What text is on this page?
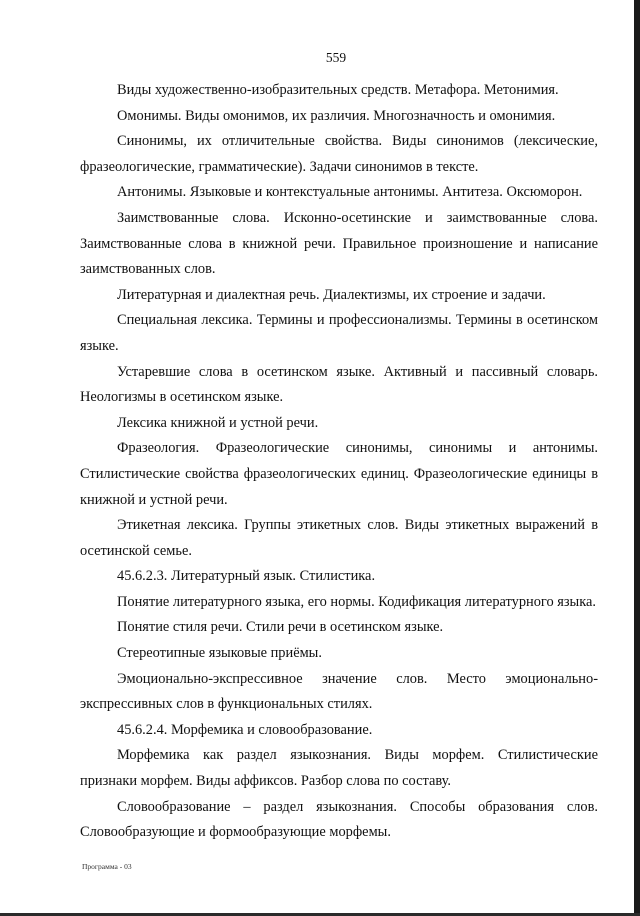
559

Виды художественно-изобразительных средств. Метафора. Метонимия.

Омонимы. Виды омонимов, их различия. Многозначность и омонимия.

Синонимы, их отличительные свойства. Виды синонимов (лексические, фразеологические, грамматические). Задачи синонимов в тексте.

Антонимы. Языковые и контекстуальные антонимы. Антитеза. Оксюморон.

Заимствованные слова. Исконно-осетинские и заимствованные слова. Заимствованные слова в книжной речи. Правильное произношение и написание заимствованных слов.

Литературная и диалектная речь. Диалектизмы, их строение и задачи.

Специальная лексика. Термины и профессионализмы. Термины в осетинском языке.

Устаревшие слова в осетинском языке. Активный и пассивный словарь. Неологизмы в осетинском языке.

Лексика книжной и устной речи.

Фразеология. Фразеологические синонимы, синонимы и антонимы. Стилистические свойства фразеологических единиц. Фразеологические единицы в книжной и устной речи.

Этикетная лексика. Группы этикетных слов. Виды этикетных выражений в осетинской семье.

45.6.2.3. Литературный язык. Стилистика.

Понятие литературного языка, его нормы. Кодификация литературного языка.

Понятие стиля речи. Стили речи в осетинском языке.

Стереотипные языковые приёмы.

Эмоционально-экспрессивное значение слов. Место эмоционально-экспрессивных слов в функциональных стилях.

45.6.2.4. Морфемика и словообразование.

Морфемика как раздел языкознания. Виды морфем. Стилистические признаки морфем. Виды аффиксов. Разбор слова по составу.

Словообразование – раздел языкознания. Способы образования слов. Словообразующие и формообразующие морфемы.

Программа - 03
